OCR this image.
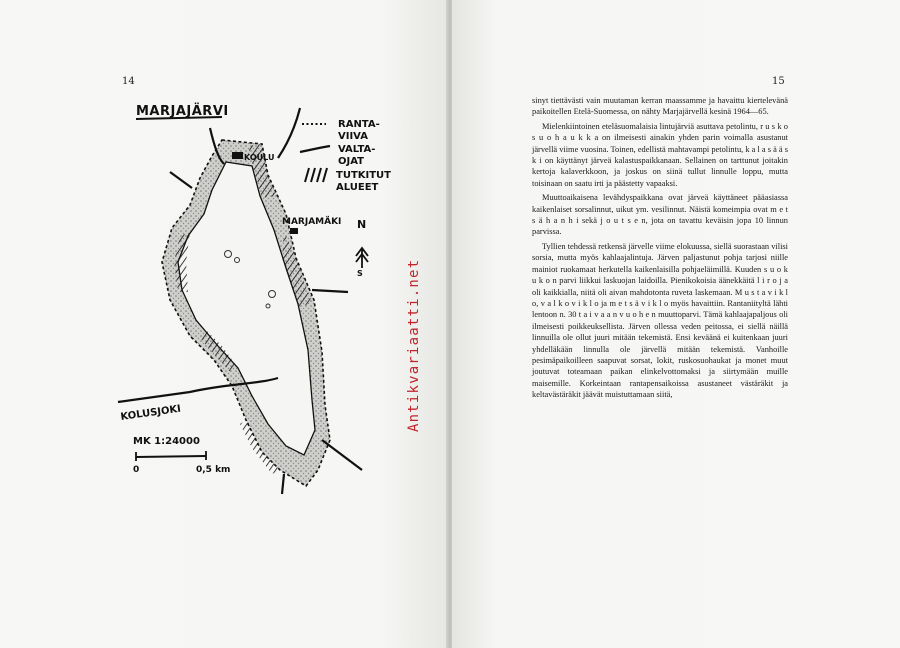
14
MARJAJÄRVI
RANTA-
VIIVA
VALTA-
OJAT
TUTKITUT
ALUEET
KOULU
MARJAMÄKI N
S
KOLUSJOKI
MK 1:24000
0	0,5 km
Antikvariaatti.net
15

sinyt tiettävästi vain muutaman kerran maassamme ja havaittu kiertelevänä paikoitellen Etelä-Suomessa, on nähty Marjajärvellä kesinä 1964—65.

Mielenkiintoinen eteläsuomalaisia lintujärviä asuttava petolintu, r u s k o s u o h a u k k a on ilmeisesti ainakin yhden parin voimalla asustanut järvellä viime vuosina. Toinen, edellistä mahtavampi petolintu, k a l a s ä ä s k i on käyttänyt järveä kalastuspaikkanaan. Sellainen on tarttunut joitakin kertoja kalaverkkoon, ja joskus on siinä tullut linnulle loppu, mutta toisinaan on saatu irti ja päästetty vapaaksi.

Muuttoaikaisena levähdyspaikkana ovat järveä käyttäneet pääasiassa kaikenlaiset sorsalinnut, uikut ym. vesilinnut. Näistä komeimpia ovat m e t s ä h a n h i sekä j o u t s e n, jota on tavattu keväisin jopa 10 linnun parvissa.

Tyllien tehdessä retkensä järvelle viime elokuussa, siellä suorastaan vilisi sorsia, mutta myös kahlaajalintuja. Järven paljastunut pohja tarjosi niille mainiot ruokamaat herkutella kaikenlaisilla pohjaeläimillä. Kuuden s u o k u k o n parvi liikkui laskuojan laidoilla. Pienikokoisia äänekkäitä l i r o j a oli kaikkialla, niitä oli aivan mahdotonta ruveta laskemaan. M u s t a v i k l o, v a l k o v i k l o ja m e t s ä v i k l o myös havaittiin. Rantaniityltä lähti lentoon n. 30 t a i v a a n v u o h e n muuttoparvi. Tämä kahlaajapaljous oli ilmeisesti poikkeuksellista. Järven ollessa veden peitossa, ei siellä näillä linnuilla ole ollut juuri mitään tekemistä. Ensi keväänä ei kuitenkaan juuri yhdelläkään linnulla ole järvellä mitään tekemistä. Vanhoille pesimäpaikoilleen saapuvat sorsat, lokit, ruskosuohaukat ja monet muut joutuvat toteamaan paikan elinkelvottomaksi ja siirtymään muille maisemille. Korkeintaan rantapensaikoissa asustaneet västäräkit ja keltavästäräkit jäävät muistuttamaan siitä,
